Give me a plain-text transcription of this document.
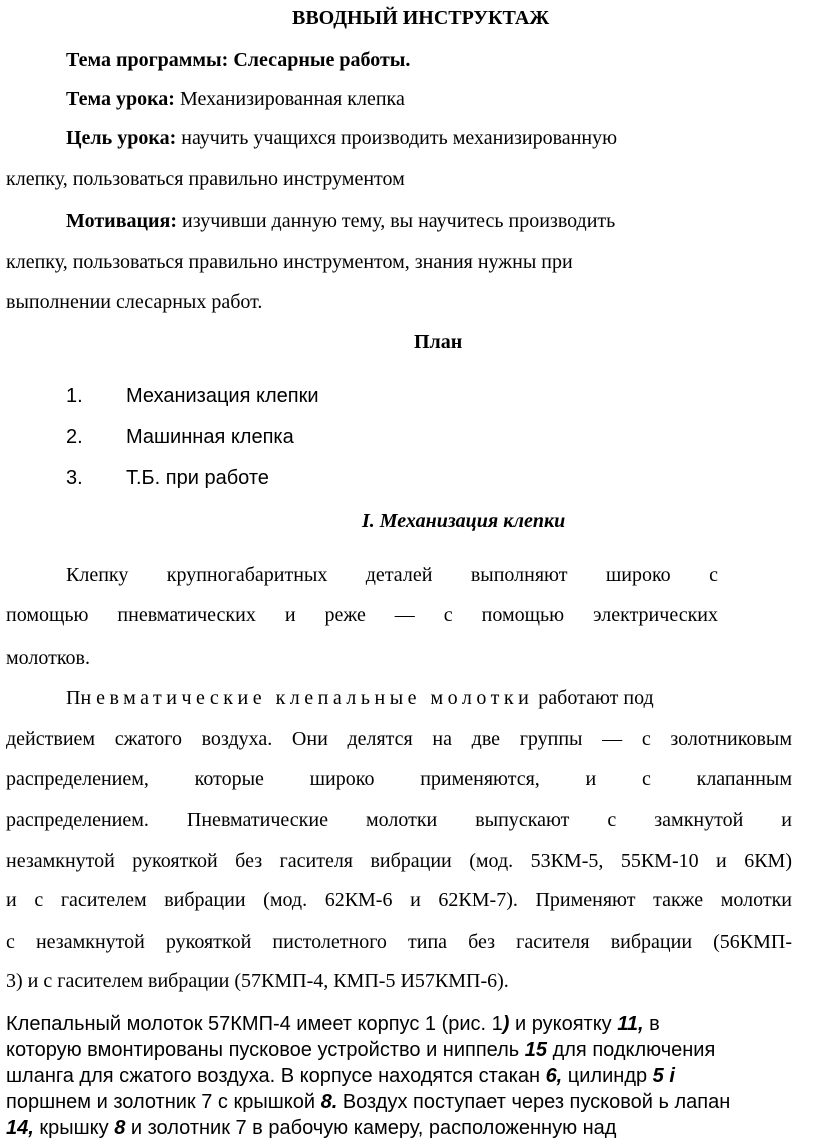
ВВОДНЫЙ ИНСТРУКТАЖ
Тема программы: Слесарные работы.
Тема урока: Механизированная клепка
Цель урока: научить учащихся производить механизированную
клепку, пользоваться правильно инструментом
Мотивация: изучивши данную тему, вы научитесь производить
клепку, пользоваться правильно инструментом, знания нужны при
выполнении слесарных работ.
План
1. Механизация клепки
2. Машинная клепка
3. Т.Б. при работе
I. Механизация клепки
Клепку крупногабаритных деталей выполняют широко с
помощью пневматических и реже — с помощью электрических
молотков.
Пн евматические клепальные молотки работают под
действием сжатого воздуха. Они делятся на две группы — с золотниковым
распределением, которые широко применяются, и с клапанным
распределением. Пневматические молотки выпускают с замкнутой и
незамкнутой рукояткой без гасителя вибрации (мод. 53КМ-5, 55КМ-10 и 6КМ)
и с гасителем вибрации (мод. 62КМ-6 и 62КМ-7). Применяют также молотки
с незамкнутой рукояткой пистолетного типа без гасителя вибрации (56КМП-
3) и с гасителем вибрации (57КМП-4, КМП-5 И57КМП-6).
Клепальный молоток 57КМП-4 имеет корпус 1 (рис. 1) и рукоятку 11, в
которую вмонтированы пусковое устройство и ниппель 15 для подключения
шланга для сжатого воздуха. В корпусе находятся стакан 6, цилиндр 5 і
поршнем и золотник 7 с крышкой 8. Воздух поступает через пусковой ь лапан
14, крышку 8 и золотник 7 в рабочую камеру, расположенную над
